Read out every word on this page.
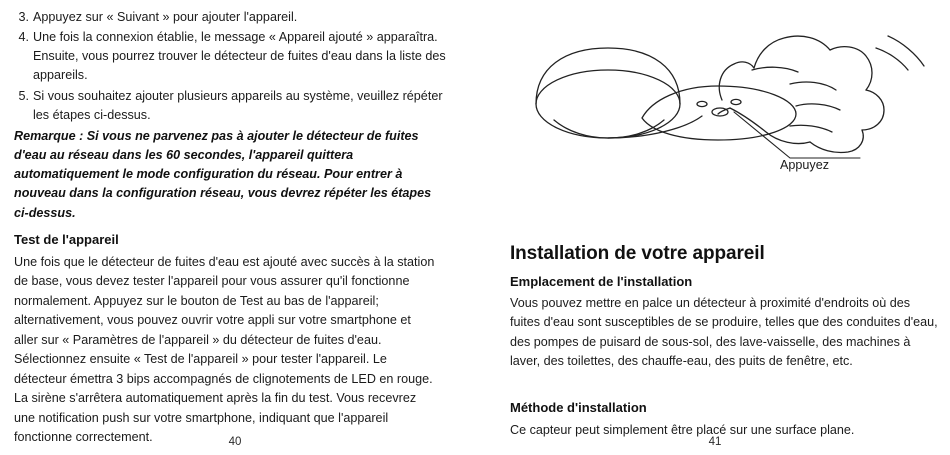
3. Appuyez sur « Suivant » pour ajouter l'appareil.
4. Une fois la connexion établie, le message « Appareil ajouté » apparaîtra. Ensuite, vous pourrez trouver le détecteur de fuites d'eau dans la liste des appareils.
5. Si vous souhaitez ajouter plusieurs appareils au système, veuillez répéter les étapes ci-dessus.
Remarque : Si vous ne parvenez pas à ajouter le détecteur de fuites d'eau au réseau dans les 60 secondes, l'appareil quittera automatiquement le mode configuration du réseau. Pour entrer à nouveau dans la configuration réseau, vous devrez répéter les étapes ci-dessus.
Test de l'appareil
Une fois que le détecteur de fuites d'eau est ajouté avec succès à la station de base, vous devez tester l'appareil pour vous assurer qu'il fonctionne normalement. Appuyez sur le bouton de Test au bas de l'appareil; alternativement, vous pouvez ouvrir votre appli sur votre smartphone et aller sur « Paramètres de l'appareil » du détecteur de fuites d'eau. Sélectionnez ensuite « Test de l'appareil » pour tester l'appareil. Le détecteur émettra 3 bips accompagnés de clignotements de LED en rouge. La sirène s'arrêtera automatiquement après la fin du test. Vous recevrez une notification push sur votre smartphone, indiquant que l'appareil fonctionne correctement.	40
Appuyez
Installation de votre appareil
Emplacement de l'installation
Vous pouvez mettre en palce un détecteur à proximité d'endroits où des fuites d'eau sont susceptibles de se produire, telles que des conduites d'eau, des pompes de puisard de sous-sol, des lave-vaisselle, des machines à laver, des toilettes, des chauffe-eau, des puits de fenêtre, etc.
Méthode d'installation
Ce capteur peut simplement être placé sur une surface plane.
41
